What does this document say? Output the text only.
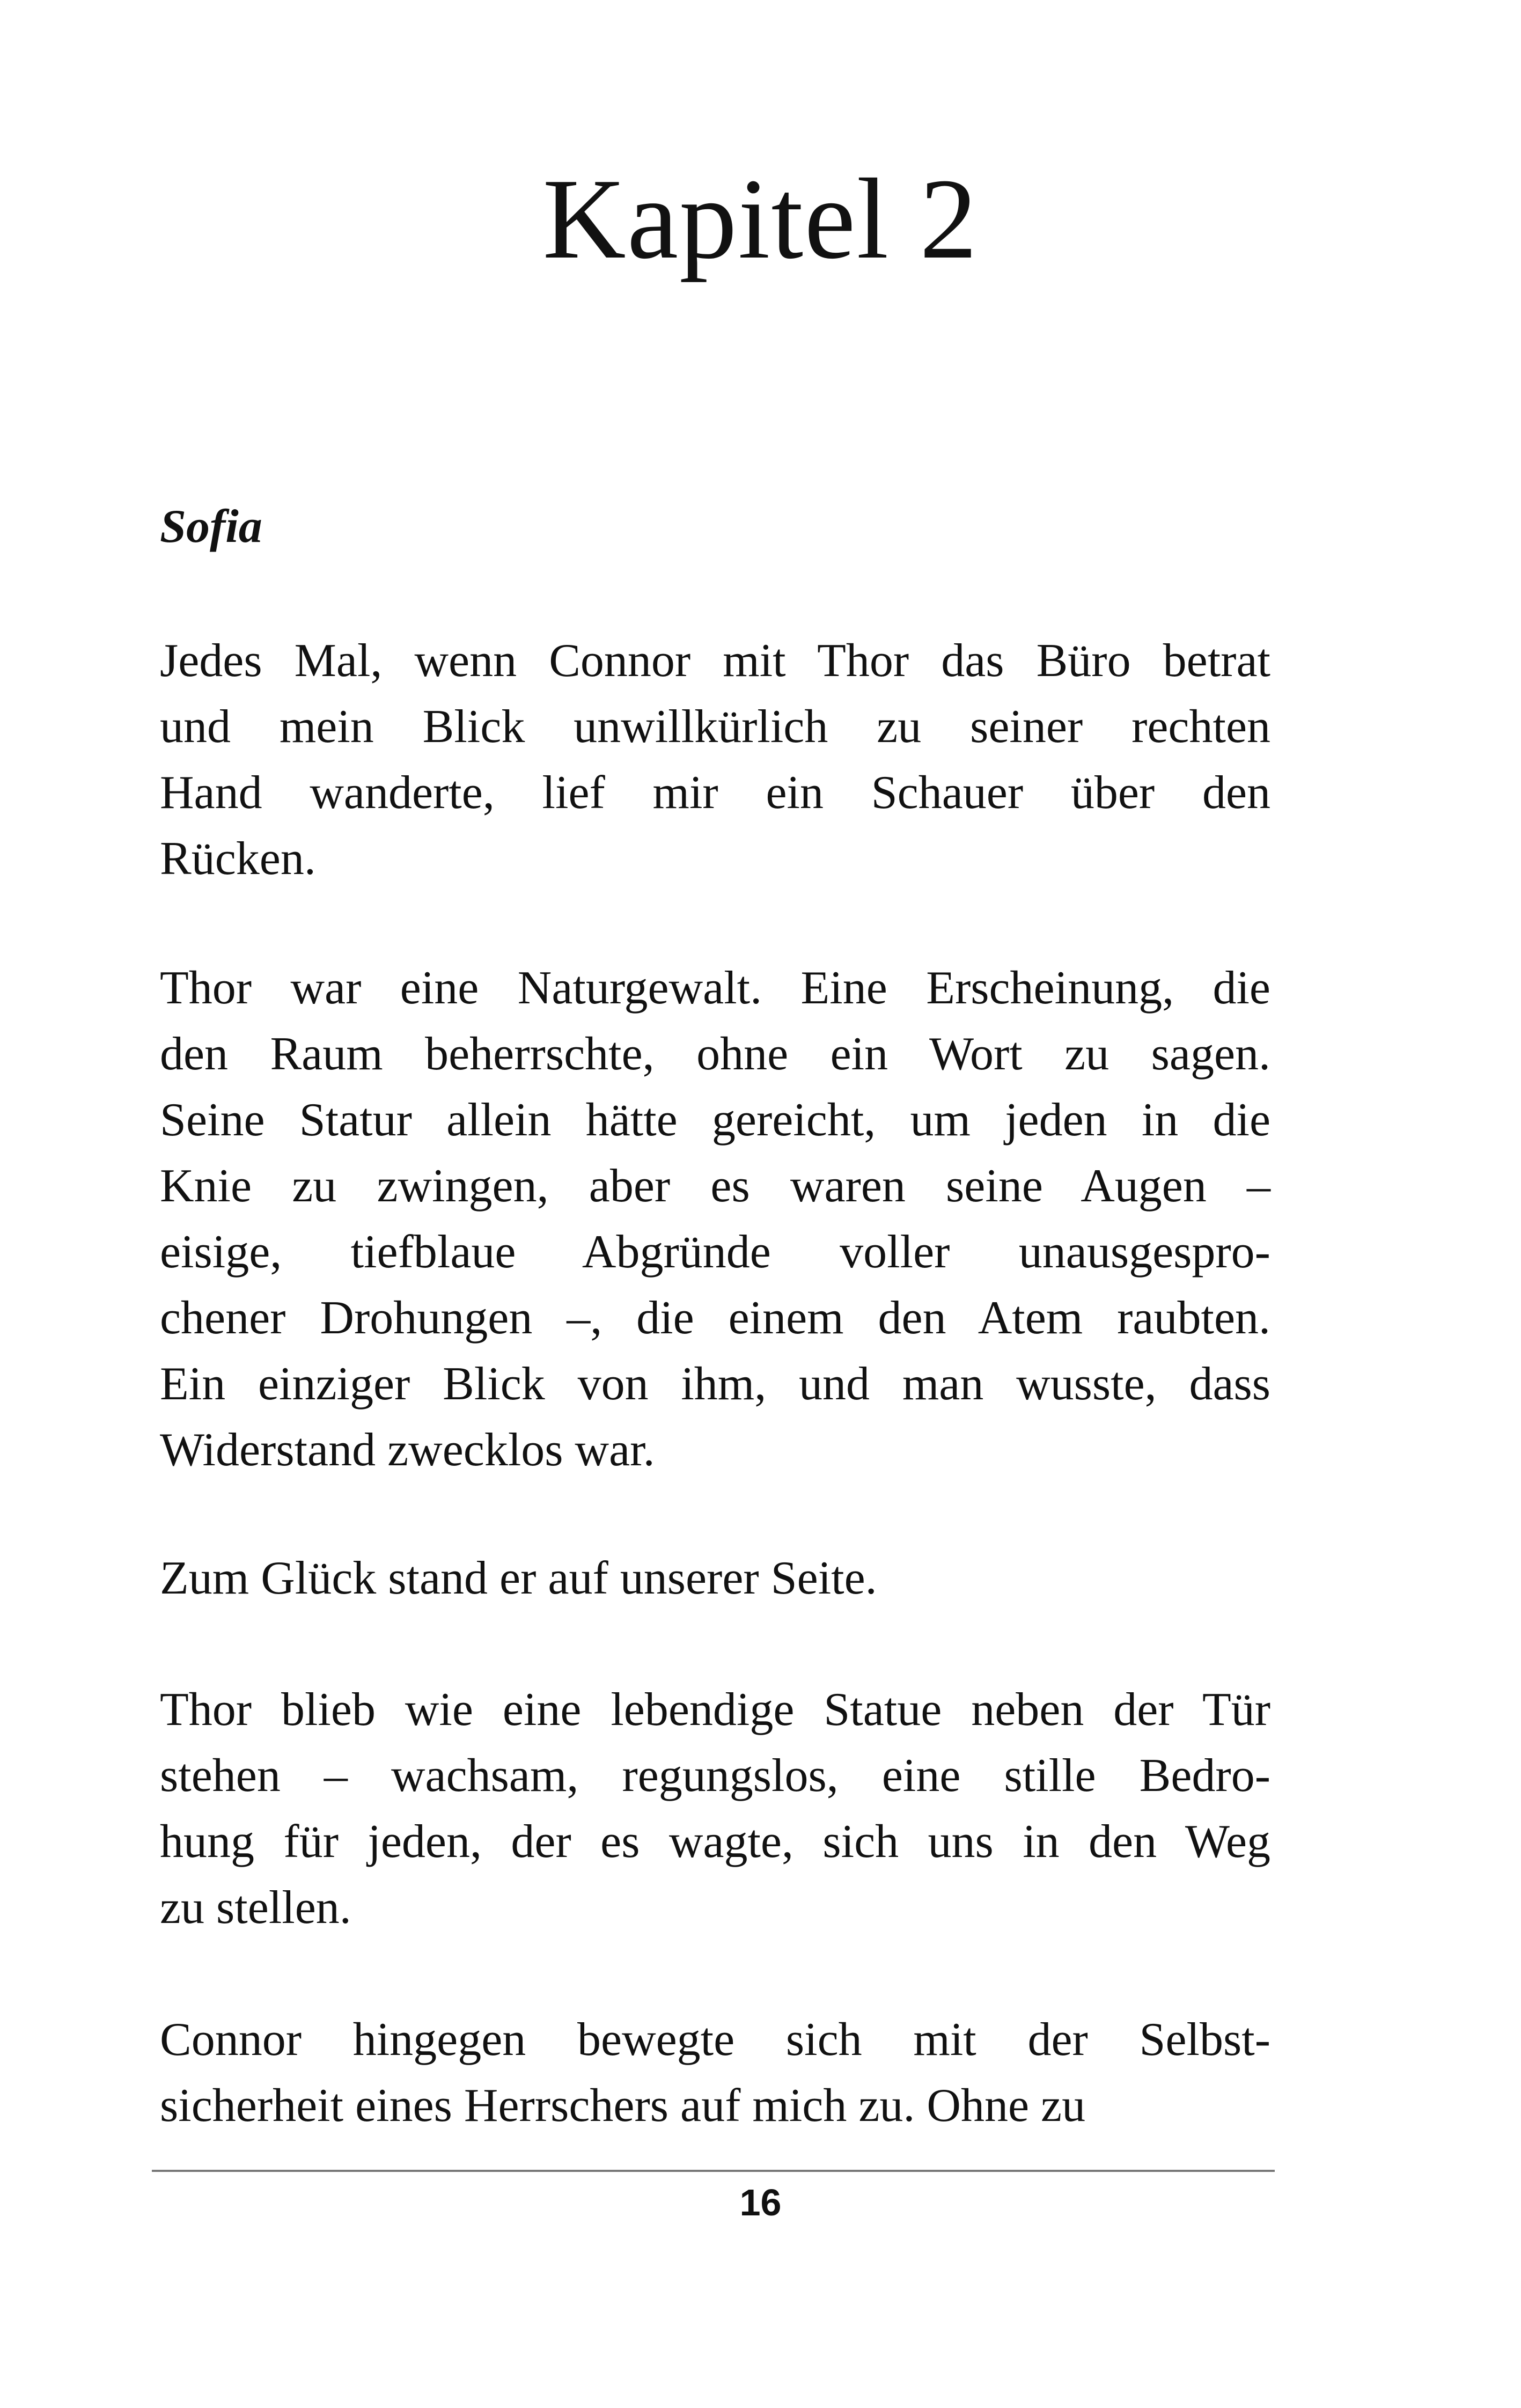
Kapitel 2
Sofia
Jedes Mal, wenn Connor mit Thor das Büro betrat
und mein Blick unwillkürlich zu seiner rechten
Hand wanderte, lief mir ein Schauer über den
Rücken.
Thor war eine Naturgewalt. Eine Erscheinung, die
den Raum beherrschte, ohne ein Wort zu sagen.
Seine Statur allein hätte gereicht, um jeden in die
Knie zu zwingen, aber es waren seine Augen –
eisige, tiefblaue Abgründe voller unausgespro-
chener Drohungen –, die einem den Atem raubten.
Ein einziger Blick von ihm, und man wusste, dass
Widerstand zwecklos war.
Zum Glück stand er auf unserer Seite.
Thor blieb wie eine lebendige Statue neben der Tür
stehen – wachsam, regungslos, eine stille Bedro-
hung für jeden, der es wagte, sich uns in den Weg
zu stellen.
Connor hingegen bewegte sich mit der Selbst-
sicherheit eines Herrschers auf mich zu. Ohne zu
16
